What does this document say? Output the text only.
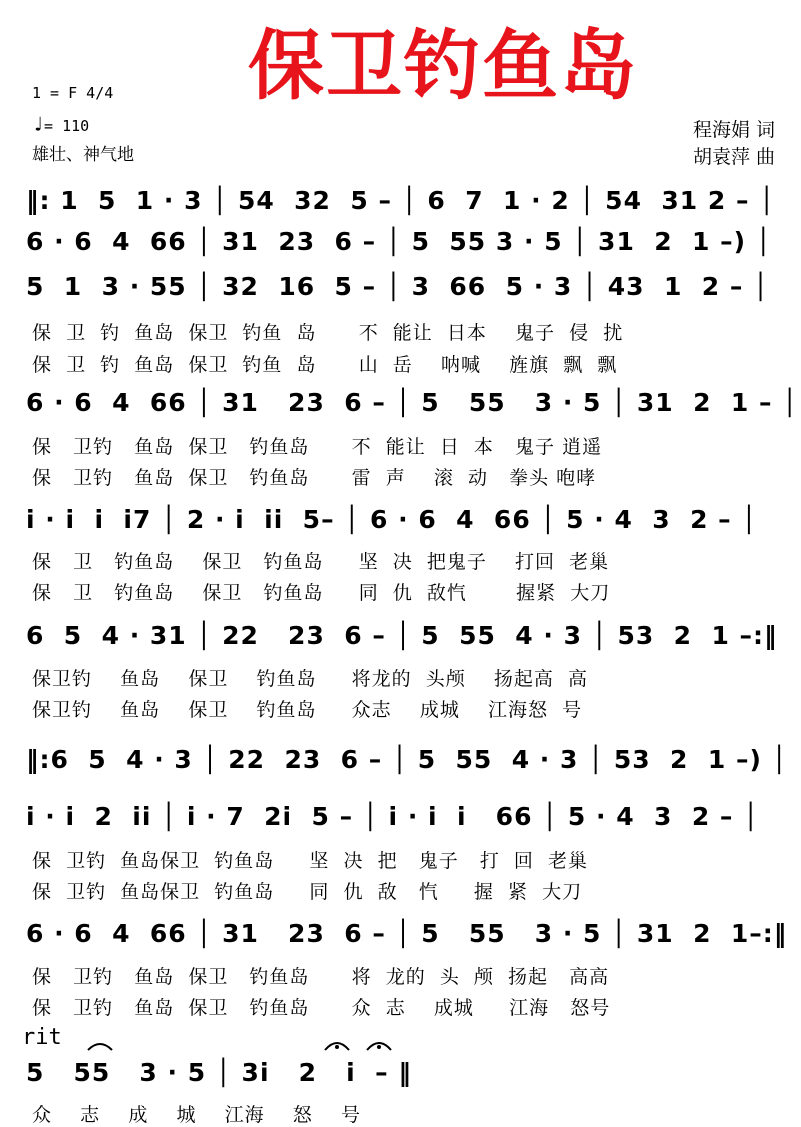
保卫钓鱼岛
1 = F 4/4
♩= 110
雄壮、神气地
程海娟 词
胡袁萍 曲
‖: 1  5  1 · 3 │ 54  32  5 – │ 6  7  1 · 2 │ 54  31 2 – │
6 · 6  4  66 │ 31  23  6 – │ 5  55 3 · 5 │ 31  2  1 –) │
5  1  3 · 55 │ 32  16  5 – │ 3  66  5 · 3 │ 43  1  2 – │
保  卫  钓  鱼岛  保卫  钓鱼  岛      不  能让  日本    鬼子  侵  扰
保  卫  钓  鱼岛  保卫  钓鱼  岛      山  岳    呐喊    旌旗  飘  飘
6 · 6  4  66 │ 31   23  6 – │ 5   55   3 · 5 │ 31  2  1 – │
保   卫钓   鱼岛  保卫   钓鱼岛      不  能让  日  本   鬼子 逍遥
保   卫钓   鱼岛  保卫   钓鱼岛      雷  声    滚  动   拳头 咆哮
i · i  i  i7 │ 2 · i  ii  5– │ 6 · 6  4  66 │ 5 · 4  3  2 – │
保   卫   钓鱼岛    保卫   钓鱼岛     坚  决  把鬼子    打回  老巢
保   卫   钓鱼岛    保卫   钓鱼岛     同  仇  敌忾       握紧  大刀
6  5  4 · 31 │ 22   23  6 – │ 5  55  4 · 3 │ 53  2  1 –:‖
保卫钓    鱼岛    保卫    钓鱼岛     将龙的  头颅    扬起高  高
保卫钓    鱼岛    保卫    钓鱼岛     众志    成城    江海怒  号
‖:6  5  4 · 3 │ 22  23  6 – │ 5  55  4 · 3 │ 53  2  1 –) │
i · i  2  ii │ i · 7  2i  5 – │ i · i  i   66 │ 5 · 4  3  2 – │
保  卫钓  鱼岛保卫  钓鱼岛     坚  决  把   鬼子   打  回  老巢
保  卫钓  鱼岛保卫  钓鱼岛     同  仇  敌   忾     握  紧  大刀
6 · 6  4  66 │ 31   23  6 – │ 5   55   3 · 5 │ 31  2  1–:‖
保   卫钓   鱼岛  保卫   钓鱼岛      将  龙的  头  颅  扬起   高高
保   卫钓   鱼岛  保卫   钓鱼岛      众  志    成城     江海   怒号
rit
5   55   3 · 5 │ 3i   2   i  – ‖
众    志    成    城    江海    怒    号
